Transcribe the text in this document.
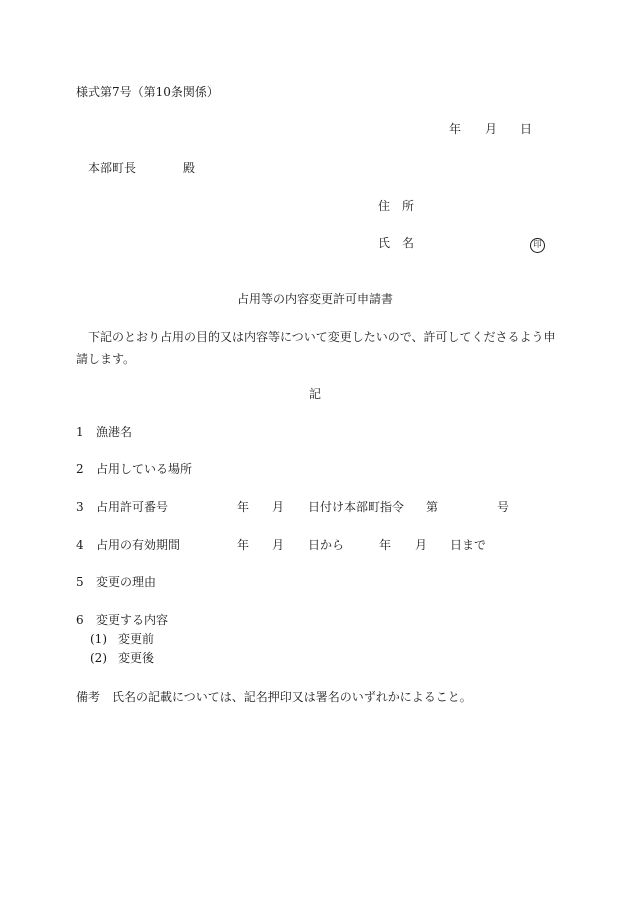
様式第7号（第10条関係）
年 月 日
本部町長	殿
住　所
氏　名	印
占用等の内容変更許可申請書
下記のとおり占用の目的又は内容等について変更したいので、許可してくださるよう申請します。
記
1 漁港名
2 占用している場所
3 占用許可番号	年 月 日付け本部町指令 第	号
4 占用の有効期間	年 月 日から	年 月 日まで
5 変更の理由
6 変更する内容
(1) 変更前
(2) 変更後
備考 氏名の記載については、記名押印又は署名のいずれかによること。
